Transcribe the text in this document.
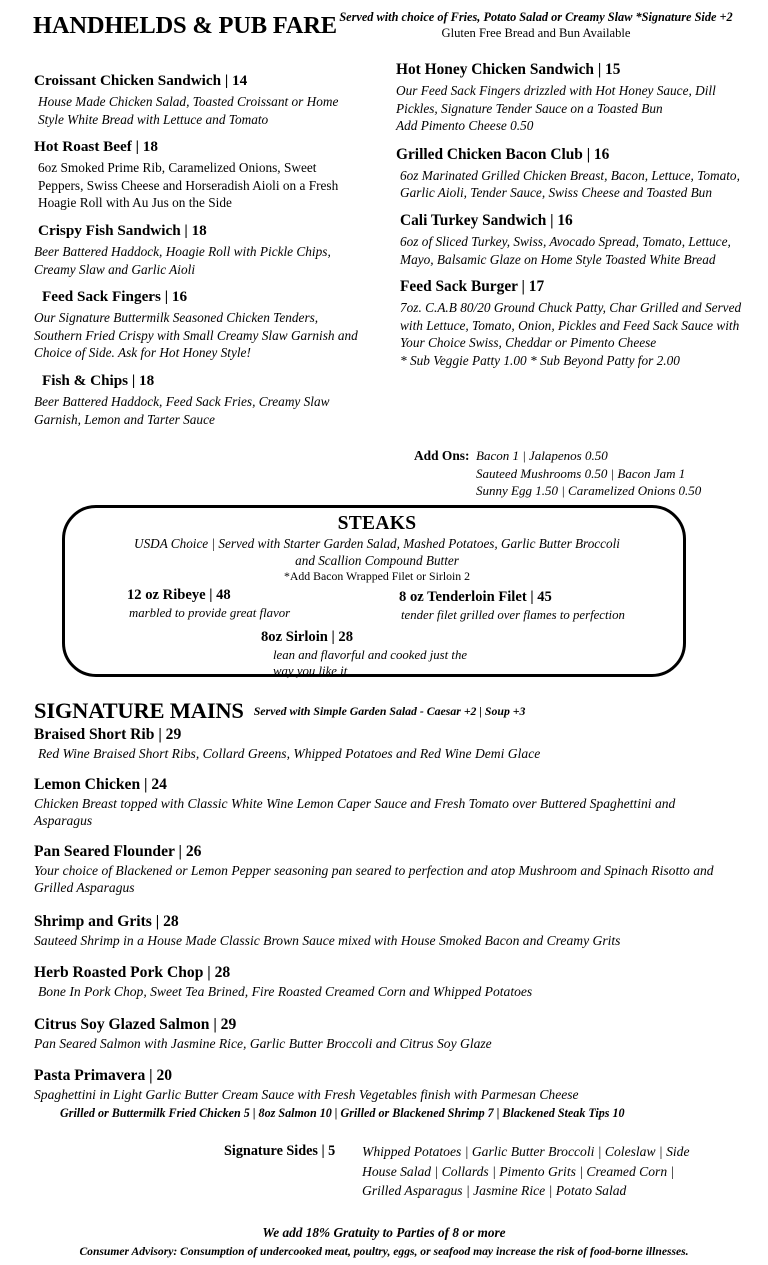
HANDHELDS & PUB FARE Served with choice of Fries, Potato Salad or Creamy Slaw *Signature Side +2
Gluten Free Bread and Bun Available
Croissant Chicken Sandwich | 14
House Made Chicken Salad, Toasted Croissant or Home Style White Bread with Lettuce and Tomato
Hot Roast Beef | 18
6oz Smoked Prime Rib, Caramelized Onions, Sweet Peppers, Swiss Cheese and Horseradish Aioli on a Fresh Hoagie Roll with Au Jus on the Side
Crispy Fish Sandwich | 18
Beer Battered Haddock, Hoagie Roll with Pickle Chips, Creamy Slaw and Garlic Aioli
Feed Sack Fingers | 16
Our Signature Buttermilk Seasoned Chicken Tenders, Southern Fried Crispy with Small Creamy Slaw Garnish and Choice of Side. Ask for Hot Honey Style!
Fish & Chips | 18
Beer Battered Haddock, Feed Sack Fries, Creamy Slaw Garnish, Lemon and Tarter Sauce
Hot Honey Chicken Sandwich | 15
Our Feed Sack Fingers drizzled with Hot Honey Sauce, Dill Pickles, Signature Tender Sauce on a Toasted Bun
Add Pimento Cheese 0.50
Grilled Chicken Bacon Club | 16
6oz Marinated Grilled Chicken Breast, Bacon, Lettuce, Tomato, Garlic Aioli, Tender Sauce, Swiss Cheese and Toasted Bun
Cali Turkey Sandwich | 16
6oz of Sliced Turkey, Swiss, Avocado Spread, Tomato, Lettuce, Mayo, Balsamic Glaze on Home Style Toasted White Bread
Feed Sack Burger | 17
7oz. C.A.B 80/20 Ground Chuck Patty, Char Grilled and Served with Lettuce, Tomato, Onion, Pickles and Feed Sack Sauce with Your Choice Swiss, Cheddar or Pimento Cheese
* Sub Veggie Patty 1.00 * Sub Beyond Patty for 2.00
Add Ons: Bacon 1 | Jalapenos 0.50
Sauteed Mushrooms 0.50 | Bacon Jam 1
Sunny Egg 1.50 | Caramelized Onions 0.50
STEAKS
USDA Choice | Served with Starter Garden Salad, Mashed Potatoes, Garlic Butter Broccoli and Scallion Compound Butter
*Add Bacon Wrapped Filet or Sirloin 2
12 oz Ribeye | 48
marbled to provide great flavor
8 oz Tenderloin Filet | 45
tender filet grilled over flames to perfection
8oz Sirloin | 28
lean and flavorful and cooked just the way you like it
SIGNATURE MAINS Served with Simple Garden Salad - Caesar +2 | Soup +3
Braised Short Rib | 29
Red Wine Braised Short Ribs, Collard Greens, Whipped Potatoes and Red Wine Demi Glace
Lemon Chicken | 24
Chicken Breast topped with Classic White Wine Lemon Caper Sauce and Fresh Tomato over Buttered Spaghettini and Asparagus
Pan Seared Flounder | 26
Your choice of Blackened or Lemon Pepper seasoning pan seared to perfection and atop Mushroom and Spinach Risotto and Grilled Asparagus
Shrimp and Grits | 28
Sauteed Shrimp in a House Made Classic Brown Sauce mixed with House Smoked Bacon and Creamy Grits
Herb Roasted Pork Chop | 28
Bone In Pork Chop, Sweet Tea Brined, Fire Roasted Creamed Corn and Whipped Potatoes
Citrus Soy Glazed Salmon | 29
Pan Seared Salmon with Jasmine Rice, Garlic Butter Broccoli and Citrus Soy Glaze
Pasta Primavera | 20
Spaghettini in Light Garlic Butter Cream Sauce with Fresh Vegetables finish with Parmesan Cheese
Grilled or Buttermilk Fried Chicken 5 | 8oz Salmon 10 | Grilled or Blackened Shrimp 7 | Blackened Steak Tips 10
Signature Sides | 5 Whipped Potatoes | Garlic Butter Broccoli | Coleslaw | Side
House Salad | Collards | Pimento Grits | Creamed Corn |
Grilled Asparagus | Jasmine Rice | Potato Salad
We add 18% Gratuity to Parties of 8 or more
Consumer Advisory: Consumption of undercooked meat, poultry, eggs, or seafood may increase the risk of food-borne illnesses.
